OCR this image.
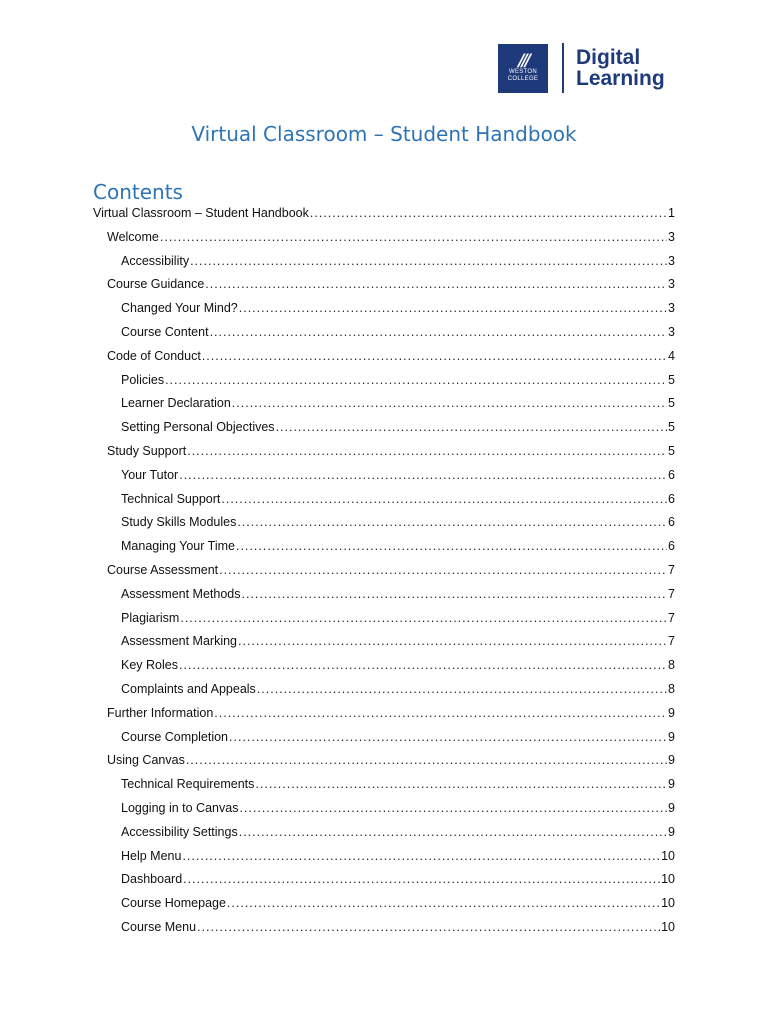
///
WESTON
COLLEGE
Digital
Learning
Virtual Classroom – Student Handbook
Contents
Virtual Classroom – Student Handbook .....	1
Welcome .....	3
Accessibility .....	3
Course Guidance .....	3
Changed Your Mind? .....	3
Course Content .....	3
Code of Conduct .....	4
Policies .....	5
Learner Declaration .....	5
Setting Personal Objectives .....	5
Study Support .....	5
Your Tutor .....	6
Technical Support .....	6
Study Skills Modules .....	6
Managing Your Time .....	6
Course Assessment .....	7
Assessment Methods .....	7
Plagiarism .....	7
Assessment Marking .....	7
Key Roles .....	8
Complaints and Appeals .....	8
Further Information .....	9
Course Completion .....	9
Using Canvas .....	9
Technical Requirements .....	9
Logging in to Canvas .....	9
Accessibility Settings .....	9
Help Menu .....	10
Dashboard .....	10
Course Homepage .....	10
Course Menu .....	10
